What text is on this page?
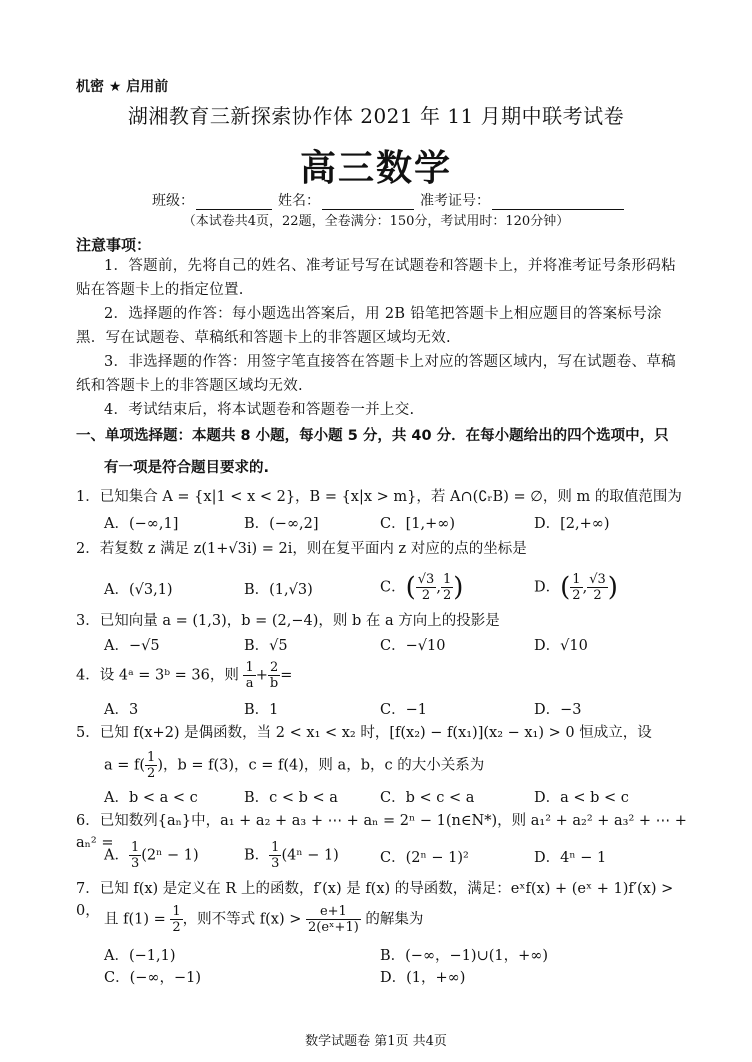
机密 ★ 启用前
湖湘教育三新探索协作体 2021 年 11 月期中联考试卷
高三数学
班级：	姓名：	准考证号：
（本试卷共4页，22题，全卷满分：150分，考试用时：120分钟）
注意事项：
1．答题前，先将自己的姓名、准考证号写在试题卷和答题卡上，并将准考证号条形码粘贴在答题卡上的指定位置.
2．选择题的作答：每小题选出答案后，用 2B 铅笔把答题卡上相应题目的答案标号涂黑．写在试题卷、草稿纸和答题卡上的非答题区域均无效.
3．非选择题的作答：用签字笔直接答在答题卡上对应的答题区域内，写在试题卷、草稿纸和答题卡上的非答题区域均无效.
4．考试结束后，将本试题卷和答题卷一并上交.
一、单项选择题：本题共 8 小题，每小题 5 分，共 40 分．在每小题给出的四个选项中，只
有一项是符合题目要求的.
1．已知集合 A = {x|1 < x < 2}，B = {x|x > m}，若 A∩(∁ᵣB) = ∅，则 m 的取值范围为
A．(−∞,1]	B．(−∞,2]	C．[1,+∞)	D．[2,+∞)
2．若复数 z 满足 z(1+√3i) = 2i，则在复平面内 z 对应的点的坐标是
A．(√3,1)	B．(1,√3)	C．( $\frac{√3}{2}$ , $\frac{1}{2}$ )	D．( $\frac{1}{2}$ , $\frac{√3}{2}$ )
3．已知向量 a = (1,3)，b = (2,−4)，则 b 在 a 方向上的投影是
A．−√5	B．√5	C．−√10	D．√10
4．设 4ᵃ = 3ᵇ = 36，则 $\frac{1}{a} + \frac{2}{b}$ =
A．3	B．1	C．−1	D．−3
5．已知 f(x+2) 是偶函数，当 2 < x₁ < x₂ 时，[f(x₂) − f(x₁)](x₂ − x₁) > 0 恒成立，设
$a = f( \frac{1}{2}$ )，b = f(3)，c = f(4)，则 a，b，c 的大小关系为
A．b < a < c	B．c < b < a	C．b < c < a	D．a < b < c
6．已知数列{aₙ}中，a₁ + a₂ + a₃ + ⋯ + aₙ = 2ⁿ − 1(n∈N*)，则 a₁² + a₂² + a₃² + ⋯ + aₙ² =
A． $\frac{1}{3} (2^n - 1)$	B． $\frac{1}{3} (4^n - 1)$	C．(2ⁿ − 1)²	D．4ⁿ − 1
7．已知 f(x) 是定义在 R 上的函数，f′(x) 是 f(x) 的导函数，满足：eˣf(x) + (eˣ + 1)f′(x) > 0，
且 $f(1) = \frac{1}{2}$ ，则不等式 $f(x) > \frac{e+1}{\text{2(eˣ+1)}}$ 的解集为
A．(−1,1)	B．(−∞，−1)∪(1，+∞)
C．(−∞，−1)	D．(1，+∞)
数学试题卷 第1页 共4页
